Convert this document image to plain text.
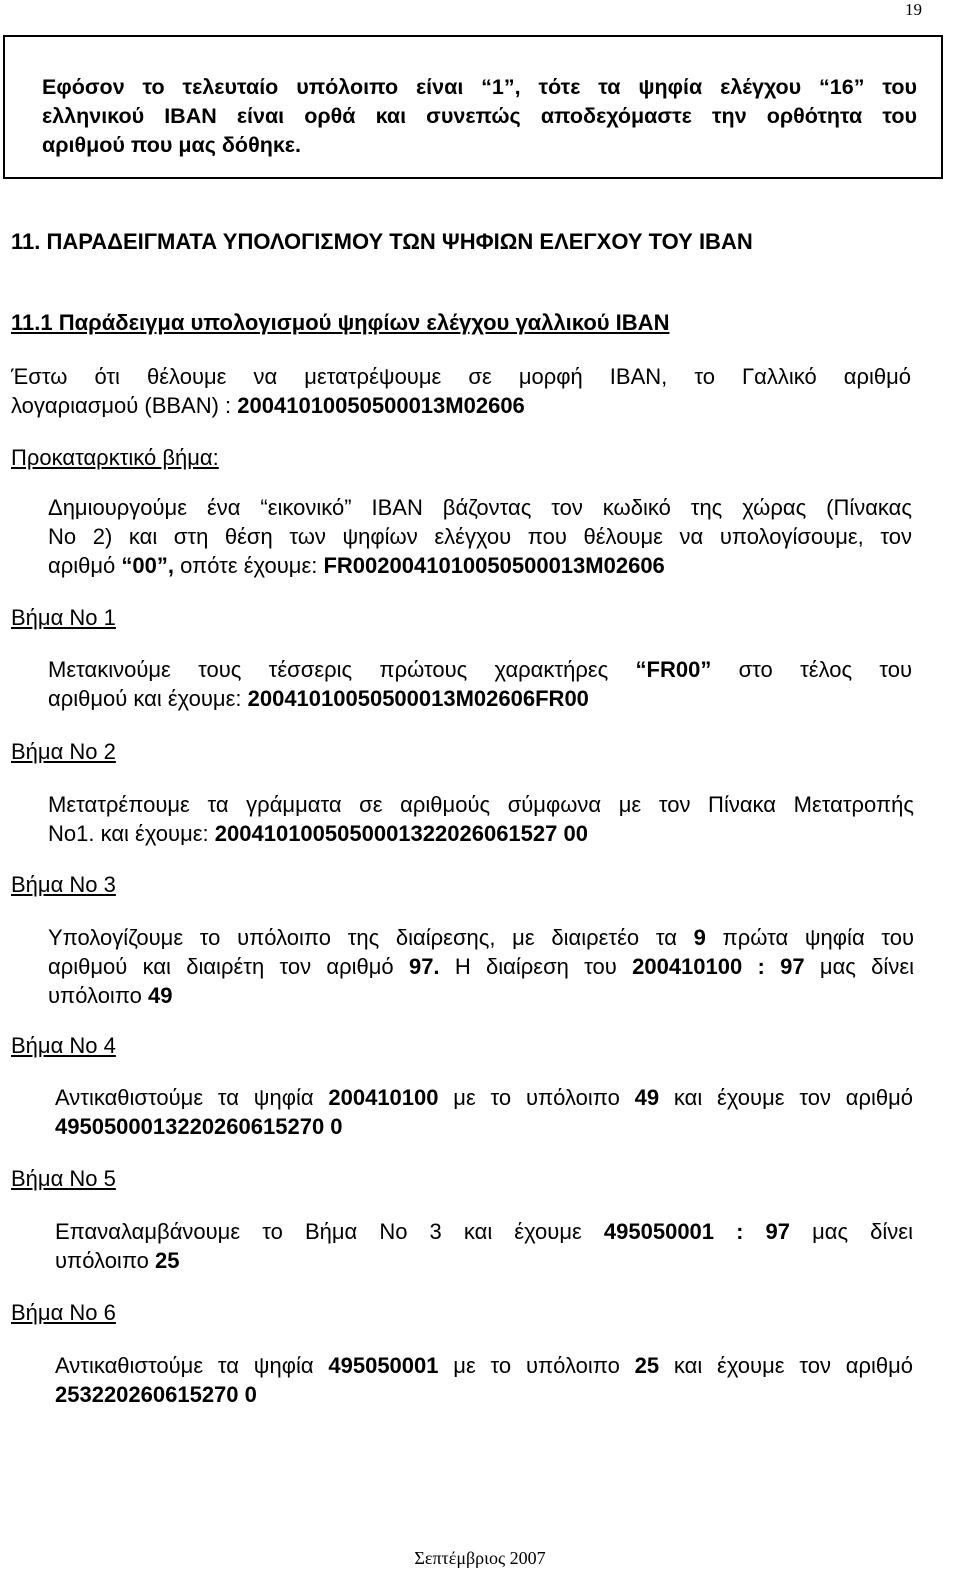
19
Εφόσον το τελευταίο υπόλοιπο είναι “1”, τότε τα ψηφία ελέγχου “16” του
ελληνικού IBAN είναι ορθά και συνεπώς αποδεχόμαστε την ορθότητα του
αριθμού που μας δόθηκε.
11. ΠΑΡΑΔΕΙΓΜΑΤΑ ΥΠΟΛΟΓΙΣΜΟΥ ΤΩΝ ΨΗΦΙΩΝ ΕΛΕΓΧΟΥ ΤΟΥ IBAN
11.1 Παράδειγμα υπολογισμού ψηφίων ελέγχου γαλλικού IBAN
Έστω ότι θέλουμε να μετατρέψουμε σε μορφή IBAN, το Γαλλικό αριθμό
λογαριασμού (BBAN) : 20041010050500013M02606
Προκαταρκτικό βήμα:
Δημιουργούμε ένα “εικονικό” IBAN βάζοντας τον κωδικό της χώρας (Πίνακας
Νο 2) και στη θέση των ψηφίων ελέγχου που θέλουμε να υπολογίσουμε, τον
αριθμό “00”, οπότε έχουμε: FR0020041010050500013M02606
Βήμα Νο 1
Μετακινούμε τους τέσσερις πρώτους χαρακτήρες “FR00” στο τέλος του
αριθμού και έχουμε: 20041010050500013M02606FR00
Βήμα Νο 2
Μετατρέπουμε τα γράμματα σε αριθμούς σύμφωνα με τον Πίνακα Μετατροπής
Νο1. και έχουμε: 2004101005050001322026061527 00
Βήμα Νο 3
Υπολογίζουμε το υπόλοιπο της διαίρεσης, με διαιρετέο τα 9 πρώτα ψηφία του
αριθμού και διαιρέτη τον αριθμό 97. Η διαίρεση του 200410100 : 97 μας δίνει
υπόλοιπο 49
Βήμα Νο 4
Αντικαθιστούμε τα ψηφία 200410100 με το υπόλοιπο 49 και έχουμε τον αριθμό
4950500013220260615270 0
Βήμα Νο 5
Επαναλαμβάνουμε το Βήμα Νο 3 και έχουμε 495050001 : 97 μας δίνει
υπόλοιπο 25
Βήμα Νο 6
Αντικαθιστούμε τα ψηφία 495050001 με το υπόλοιπο 25 και έχουμε τον αριθμό
253220260615270 0
Σεπτέμβριος 2007
